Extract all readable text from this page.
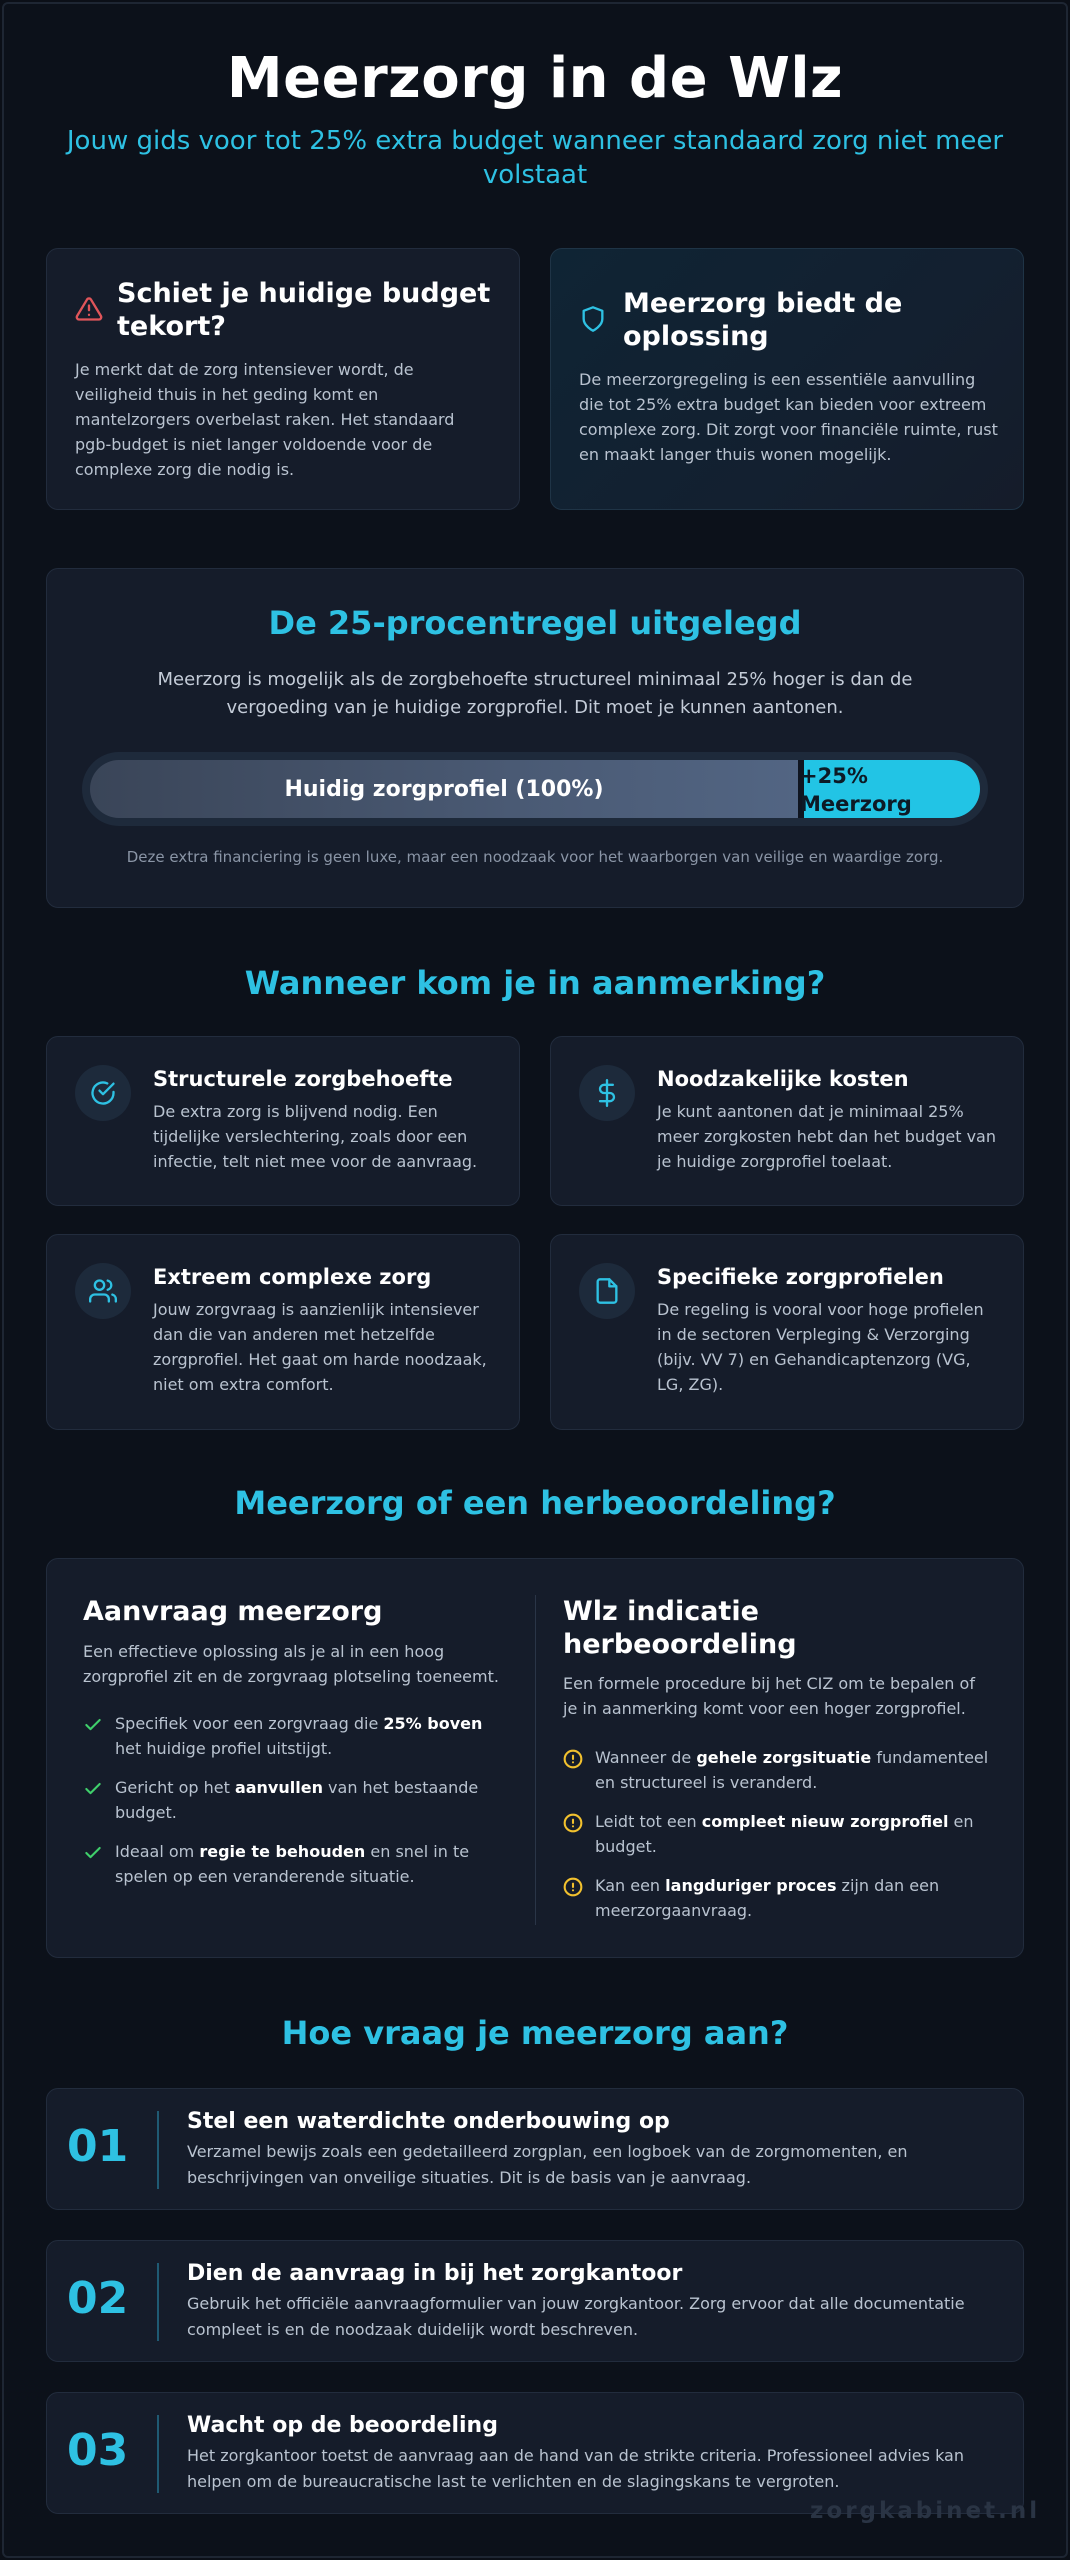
Meerzorg in de Wlz
Jouw gids voor tot 25% extra budget wanneer standaard zorg niet meer volstaat
Schiet je huidige budget tekort?
Je merkt dat de zorg intensiever wordt, de veiligheid thuis in het geding komt en mantelzorgers overbelast raken. Het standaard pgb-budget is niet langer voldoende voor de complexe zorg die nodig is.
Meerzorg biedt de oplossing
De meerzorgregeling is een essentiële aanvulling die tot 25% extra budget kan bieden voor extreem complexe zorg. Dit zorgt voor financiële ruimte, rust en maakt langer thuis wonen mogelijk.
De 25-procentregel uitgelegd
Meerzorg is mogelijk als de zorgbehoefte structureel minimaal 25% hoger is dan de vergoeding van je huidige zorgprofiel. Dit moet je kunnen aantonen.
Huidig zorgprofiel (100%)
+25% Meerzorg
Deze extra financiering is geen luxe, maar een noodzaak voor het waarborgen van veilige en waardige zorg.
Wanneer kom je in aanmerking?
Structurele zorgbehoefte
De extra zorg is blijvend nodig. Een tijdelijke verslechtering, zoals door een infectie, telt niet mee voor de aanvraag.
Noodzakelijke kosten
Je kunt aantonen dat je minimaal 25% meer zorgkosten hebt dan het budget van je huidige zorgprofiel toelaat.
Extreem complexe zorg
Jouw zorgvraag is aanzienlijk intensiever dan die van anderen met hetzelfde zorgprofiel. Het gaat om harde noodzaak, niet om extra comfort.
Specifieke zorgprofielen
De regeling is vooral voor hoge profielen in de sectoren Verpleging & Verzorging (bijv. VV 7) en Gehandicaptenzorg (VG, LG, ZG).
Meerzorg of een herbeoordeling?
Aanvraag meerzorg
Een effectieve oplossing als je al in een hoog zorgprofiel zit en de zorgvraag plotseling toeneemt.
Specifiek voor een zorgvraag die 25% boven het huidige profiel uitstijgt.
Gericht op het aanvullen van het bestaande budget.
Ideaal om regie te behouden en snel in te spelen op een veranderende situatie.
Wlz indicatie herbeoordeling
Een formele procedure bij het CIZ om te bepalen of je in aanmerking komt voor een hoger zorgprofiel.
Wanneer de gehele zorgsituatie fundamenteel en structureel is veranderd.
Leidt tot een compleet nieuw zorgprofiel en budget.
Kan een langduriger proces zijn dan een meerzorgaanvraag.
Hoe vraag je meerzorg aan?
01	Stel een waterdichte onderbouwing op
Verzamel bewijs zoals een gedetailleerd zorgplan, een logboek van de zorgmomenten, en beschrijvingen van onveilige situaties. Dit is de basis van je aanvraag.
02	Dien de aanvraag in bij het zorgkantoor
Gebruik het officiële aanvraagformulier van jouw zorgkantoor. Zorg ervoor dat alle documentatie compleet is en de noodzaak duidelijk wordt beschreven.
03	Wacht op de beoordeling
Het zorgkantoor toetst de aanvraag aan de hand van de strikte criteria. Professioneel advies kan helpen om de bureaucratische last te verlichten en de slagingskans te vergroten.
zorgkabinet.nl
